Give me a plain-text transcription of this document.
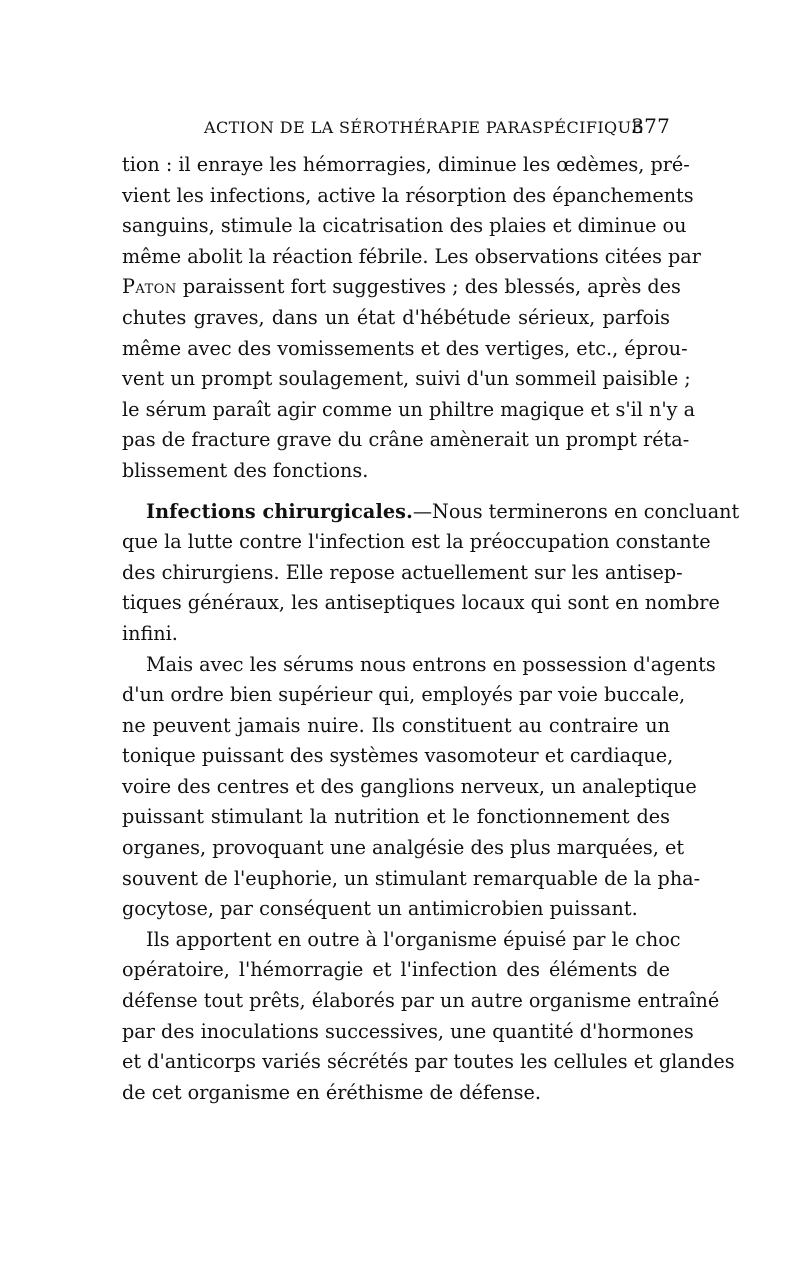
ACTION DE LA SÉROTHÉRAPIE PARASPÉCIFIQUE
377
tion : il enraye les hémorragies, diminue les œdèmes, pré-
vient les infections, active la résorption des épanchements
sanguins, stimule la cicatrisation des plaies et diminue ou
même abolit la réaction fébrile. Les observations citées par
Paton paraissent fort suggestives ; des blessés, après des
chutes graves, dans un état d'hébétude sérieux, parfois
même avec des vomissements et des vertiges, etc., éprou-
vent un prompt soulagement, suivi d'un sommeil paisible ;
le sérum paraît agir comme un philtre magique et s'il n'y a
pas de fracture grave du crâne amènerait un prompt réta-
blissement des fonctions.
Infections chirurgicales.—Nous terminerons en concluant
que la lutte contre l'infection est la préoccupation constante
des chirurgiens. Elle repose actuellement sur les antisep-
tiques généraux, les antiseptiques locaux qui sont en nombre
infini.
Mais avec les sérums nous entrons en possession d'agents
d'un ordre bien supérieur qui, employés par voie buccale,
ne peuvent jamais nuire. Ils constituent au contraire un
tonique puissant des systèmes vasomoteur et cardiaque,
voire des centres et des ganglions nerveux, un analeptique
puissant stimulant la nutrition et le fonctionnement des
organes, provoquant une analgésie des plus marquées, et
souvent de l'euphorie, un stimulant remarquable de la pha-
gocytose, par conséquent un antimicrobien puissant.
Ils apportent en outre à l'organisme épuisé par le choc
opératoire, l'hémorragie et l'infection des éléments de
défense tout prêts, élaborés par un autre organisme entraîné
par des inoculations successives, une quantité d'hormones
et d'anticorps variés sécrétés par toutes les cellules et glandes
de cet organisme en éréthisme de défense.
